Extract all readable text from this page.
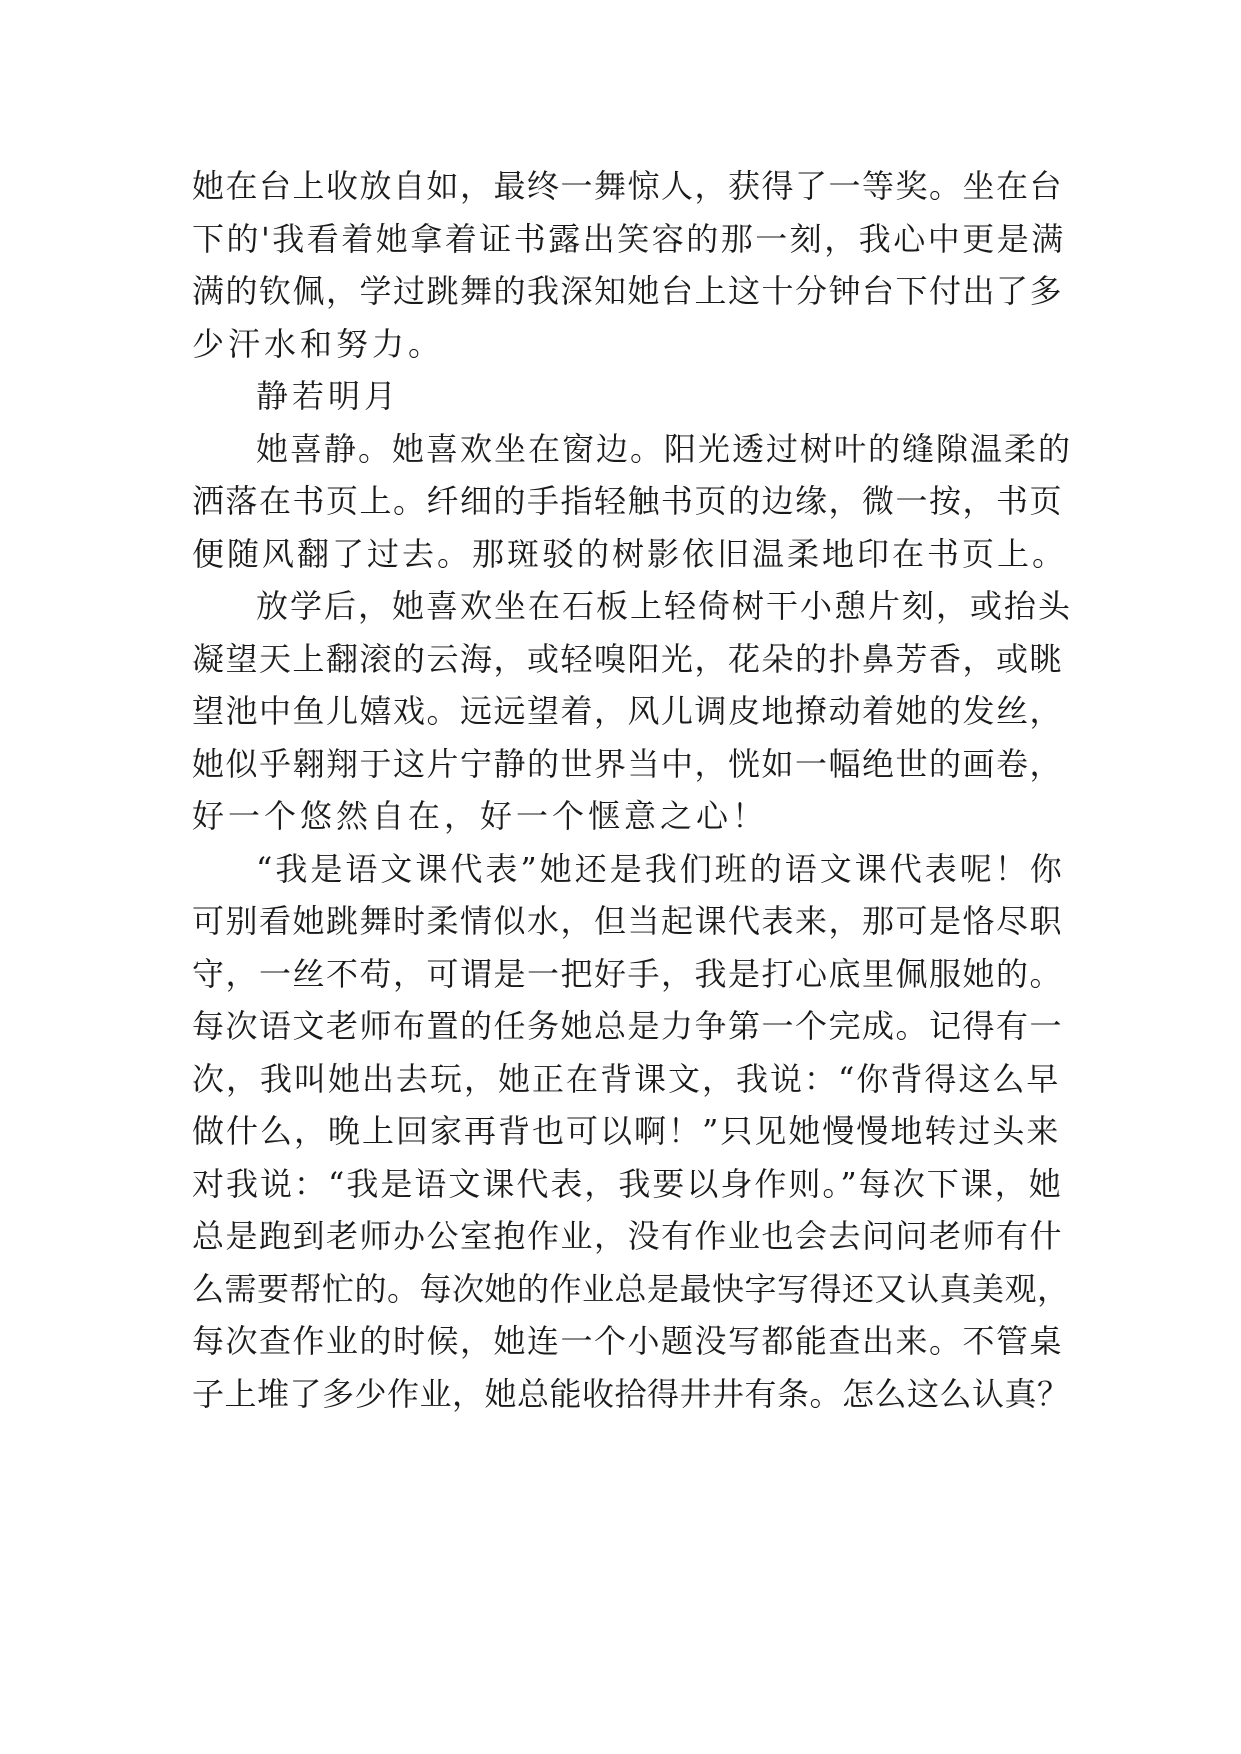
她在台上收放自如，最终一舞惊人，获得了一等奖。坐在台
下的'我看着她拿着证书露出笑容的那一刻，我心中更是满
满的钦佩，学过跳舞的我深知她台上这十分钟台下付出了多
少汗水和努力。
静若明月
她喜静。她喜欢坐在窗边。阳光透过树叶的缝隙温柔的
洒落在书页上。纤细的手指轻触书页的边缘，微一按，书页
便随风翻了过去。那斑驳的树影依旧温柔地印在书页上。
放学后，她喜欢坐在石板上轻倚树干小憩片刻，或抬头
凝望天上翻滚的云海，或轻嗅阳光，花朵的扑鼻芳香，或眺
望池中鱼儿嬉戏。远远望着，风儿调皮地撩动着她的发丝，
她似乎翱翔于这片宁静的世界当中，恍如一幅绝世的画卷，
好一个悠然自在，好一个惬意之心！
“我是语文课代表”她还是我们班的语文课代表呢！你
可别看她跳舞时柔情似水，但当起课代表来，那可是恪尽职
守，一丝不苟，可谓是一把好手，我是打心底里佩服她的。
每次语文老师布置的任务她总是力争第一个完成。记得有一
次，我叫她出去玩，她正在背课文，我说：“你背得这么早
做什么，晚上回家再背也可以啊！”只见她慢慢地转过头来
对我说：“我是语文课代表，我要以身作则。”每次下课，她
总是跑到老师办公室抱作业，没有作业也会去问问老师有什
么需要帮忙的。每次她的作业总是最快字写得还又认真美观，
每次查作业的时候，她连一个小题没写都能查出来。不管桌
子上堆了多少作业，她总能收拾得井井有条。怎么这么认真？
